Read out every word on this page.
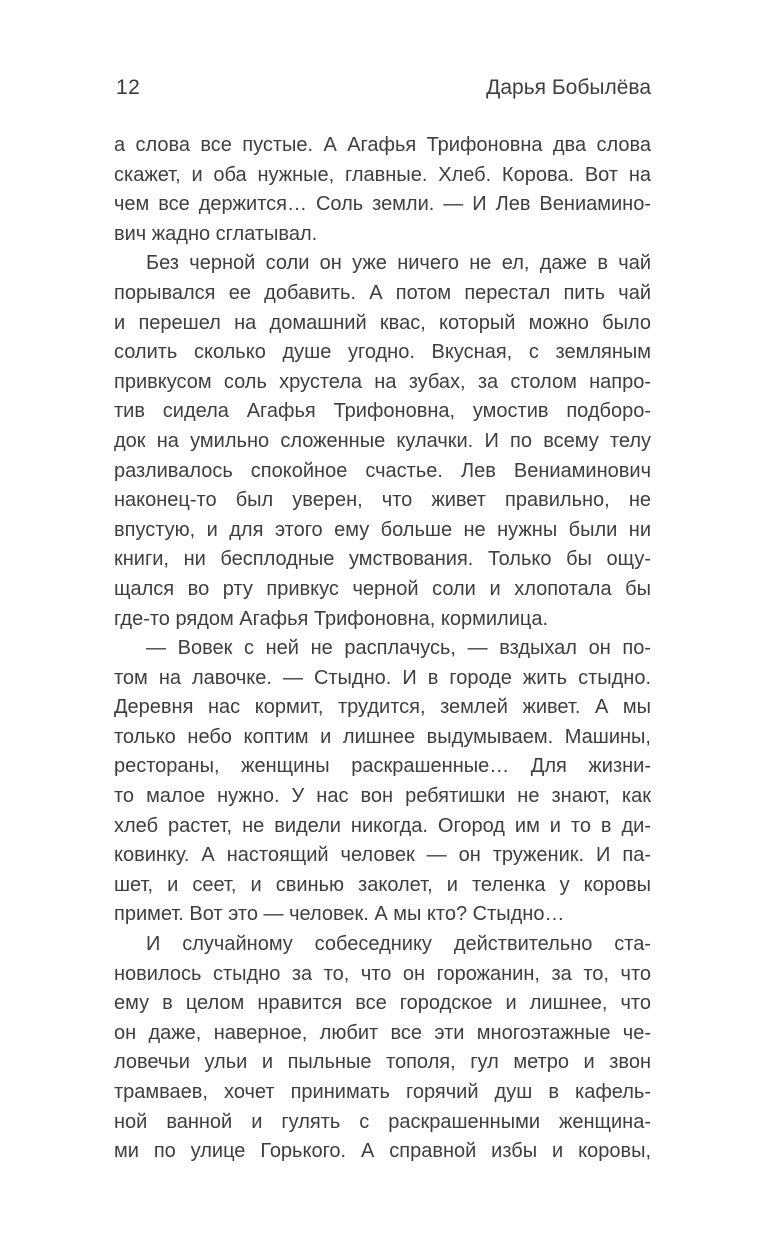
12	Дарья Бобылёва
а слова все пустые. А Агафья Трифоновна два слова
скажет, и оба нужные, главные. Хлеб. Корова. Вот на
чем все держится… Соль земли. — И Лев Вениамино-
вич жадно сглатывал.
Без черной соли он уже ничего не ел, даже в чай
порывался ее добавить. А потом перестал пить чай
и перешел на домашний квас, который можно было
солить сколько душе угодно. Вкусная, с земляным
привкусом соль хрустела на зубах, за столом напро-
тив сидела Агафья Трифоновна, умостив подборо-
док на умильно сложенные кулачки. И по всему телу
разливалось спокойное счастье. Лев Вениаминович
наконец-то был уверен, что живет правильно, не
впустую, и для этого ему больше не нужны были ни
книги, ни бесплодные умствования. Только бы ощу-
щался во рту привкус черной соли и хлопотала бы
где-то рядом Агафья Трифоновна, кормилица.
— Вовек с ней не расплачусь, — вздыхал он по-
том на лавочке. — Стыдно. И в городе жить стыдно.
Деревня нас кормит, трудится, землей живет. А мы
только небо коптим и лишнее выдумываем. Машины,
рестораны, женщины раскрашенные… Для жизни-
то малое нужно. У нас вон ребятишки не знают, как
хлеб растет, не видели никогда. Огород им и то в ди-
ковинку. А настоящий человек — он труженик. И па-
шет, и сеет, и свинью заколет, и теленка у коровы
примет. Вот это — человек. А мы кто? Стыдно…
И случайному собеседнику действительно ста-
новилось стыдно за то, что он горожанин, за то, что
ему в целом нравится все городское и лишнее, что
он даже, наверное, любит все эти многоэтажные че-
ловечьи ульи и пыльные тополя, гул метро и звон
трамваев, хочет принимать горячий душ в кафель-
ной ванной и гулять с раскрашенными женщина-
ми по улице Горького. А справной избы и коровы,
